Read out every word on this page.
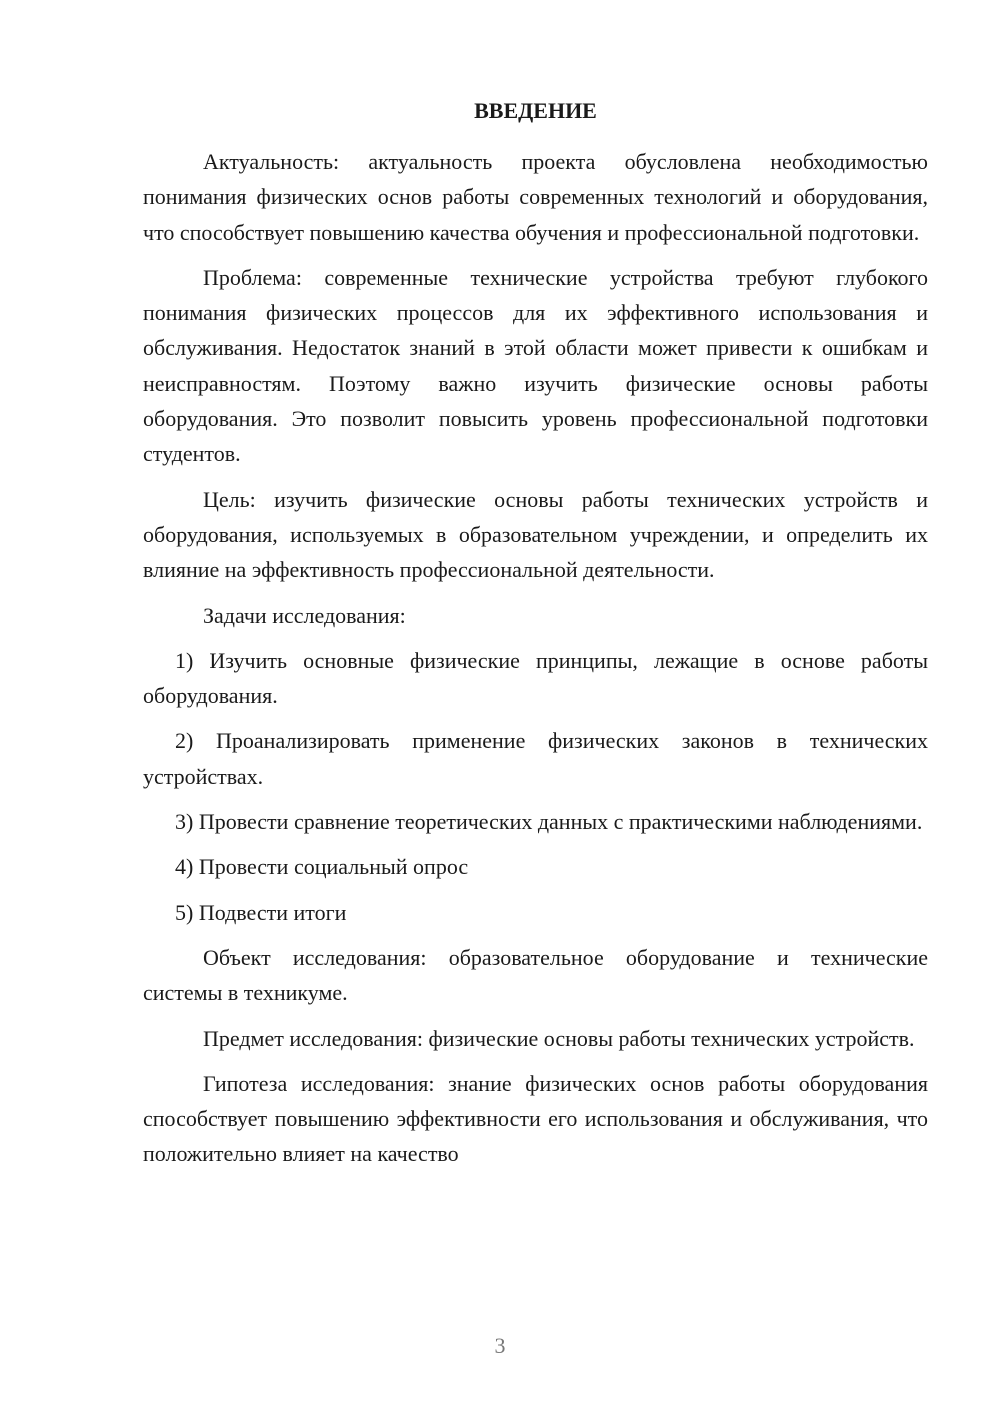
ВВЕДЕНИЕ

Актуальность: актуальность проекта обусловлена необходимостью понимания физических основ работы современных технологий и оборудования, что способствует повышению качества обучения и профессиональной подготовки.

Проблема: современные технические устройства требуют глубокого понимания физических процессов для их эффективного использования и обслуживания. Недостаток знаний в этой области может привести к ошибкам и неисправностям. Поэтому важно изучить физические основы работы оборудования. Это позволит повысить уровень профессиональной подготовки студентов.

Цель: изучить физические основы работы технических устройств и оборудования, используемых в образовательном учреждении, и определить их влияние на эффективность профессиональной деятельности.

Задачи исследования:

1) Изучить основные физические принципы, лежащие в основе работы оборудования.

2) Проанализировать применение физических законов в технических устройствах.

3) Провести сравнение теоретических данных с практическими наблюдениями.

4) Провести социальный опрос

5) Подвести итоги

Объект исследования: образовательное оборудование и технические системы в техникуме.

Предмет исследования: физические основы работы технических устройств.

Гипотеза исследования: знание физических основ работы оборудования способствует повышению эффективности его использования и обслуживания, что положительно влияет на качество

3
